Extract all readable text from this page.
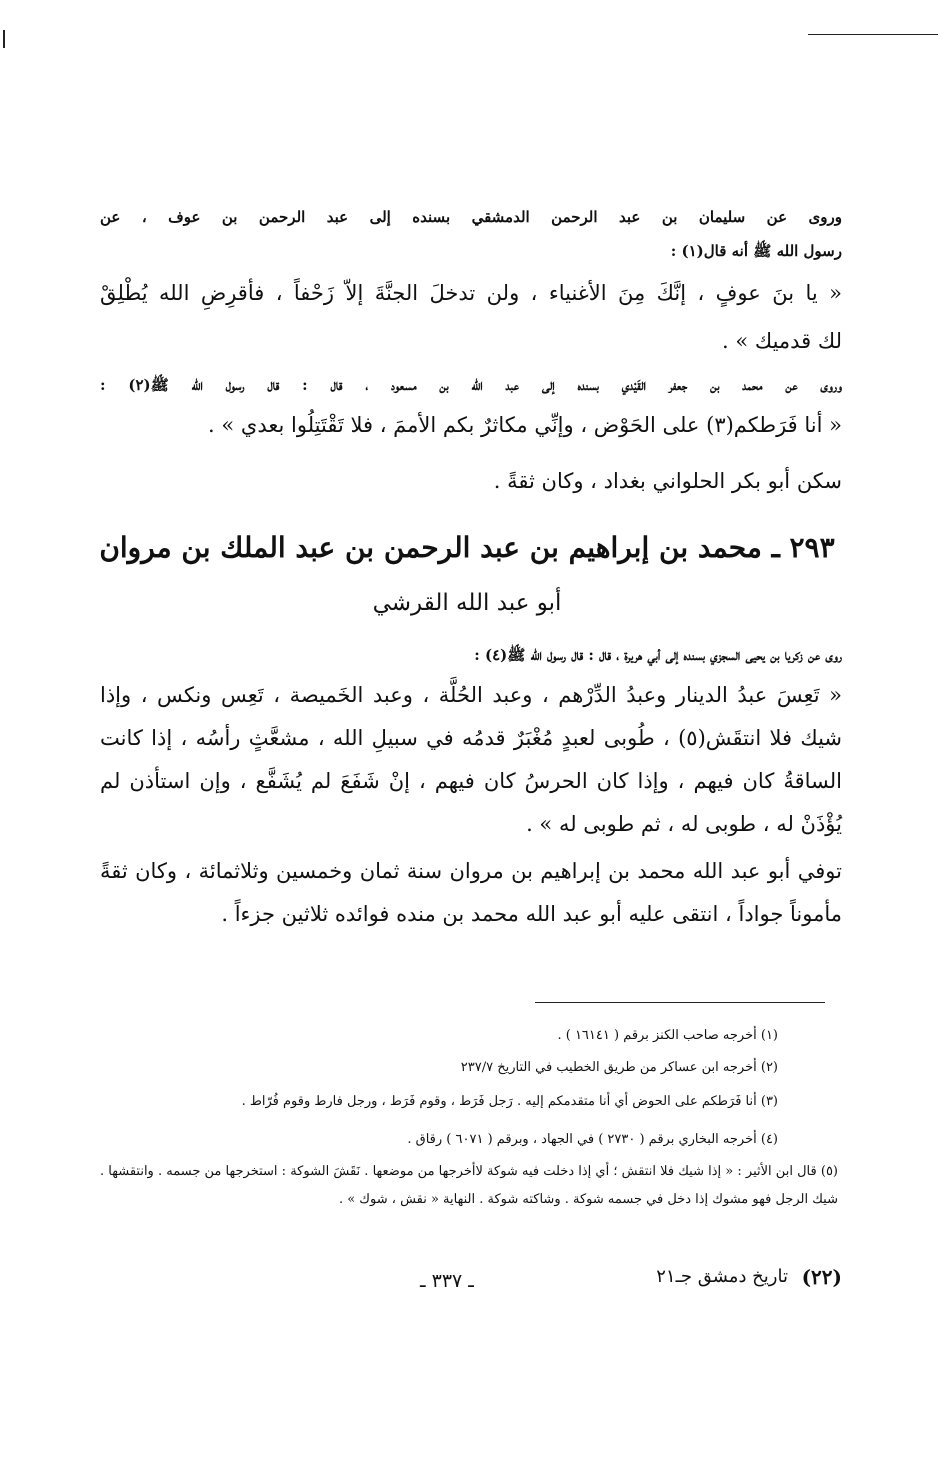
وروى عن سليمان بن عبد الرحمن الدمشقي بسنده إلى عبد الرحمن بن عوف ، عن
رسول الله ﷺ أنه قال(١) :
« يا بنَ عوفٍ ، إنَّكَ مِنَ الأغنياء ، ولن تدخلَ الجنَّةَ إلاّ زَحْفاً ، فأقرِضِ الله يُطْلِقْ
لك قدميك » .
وروى عن محمد بن جعفر القَيْدي بسنده إلى عبد الله بن مسعود ، قال : قال رسول الله ﷺ(٢) :
« أنا فَرَطكم(٣) على الحَوْض ، وإنِّي مكاثرٌ بكم الأممَ ، فلا تَقْتَتِلُوا بعدي » .
سكن أبو بكر الحلواني بغداد ، وكان ثقةً .
٢٩٣ ـ محمد بن إبراهيم بن عبد الرحمن بن عبد الملك بن مروان
أبو عبد الله القرشي
روى عن زكريا بن يحيى السجزي بسنده إلى أبي هريرة ، قال : قال رسول الله ﷺ(٤) :
« تَعِسَ عبدُ الدينار وعبدُ الدِّرْهم ، وعبد الحُلَّة ، وعبد الخَميصة ، تَعِس ونكس ، وإذا شيك فلا انتقَش(٥) ، طُوبى لعبدٍ مُغْبَرٌ قدمُه في سبيلِ الله ، مشعَّثٍ رأسُه ، إذا كانت الساقةُ كان فيهم ، وإذا كان الحرسُ كان فيهم ، إنْ شَفَعَ لم يُشَفَّع ، وإن استأذن لم يُؤْذَنْ له ، طوبى له ، ثم طوبى له » .
توفي أبو عبد الله محمد بن إبراهيم بن مروان سنة ثمان وخمسين وثلاثمائة ، وكان ثقةً مأموناً جواداً ، انتقى عليه أبو عبد الله محمد بن منده فوائده ثلاثين جزءاً .
(١) أخرجه صاحب الكنز برقم ( ١٦١٤١ ) .
(٢) أخرجه ابن عساكر من طريق الخطيب في التاريخ ٢٣٧/٧
(٣) أنا فَرَطكم على الحوض أي أنا متقدمكم إليه . رَجل فَرَط ، وقوم فَرَط ، ورجل فارط وقوم فُرّاط .
(٤) أخرجه البخاري برقم ( ٢٧٣٠ ) في الجهاد ، وبرقم ( ٦٠٧١ ) رقاق .
(٥) قال ابن الأثير : « إذا شيك فلا انتقش ؛ أي إذا دخلت فيه شوكة لاأخرجها من موضعها . نَقَشَ الشوكة : استخرجها من جسمه . وانتقشها . شيك الرجل فهو مشوك إذا دخل في جسمه شوكة . وشاكته شوكة . النهاية « نقش ، شوك » .
(٢٢)
تاريخ دمشق جـ٢١
ـ ٣٣٧ ـ
